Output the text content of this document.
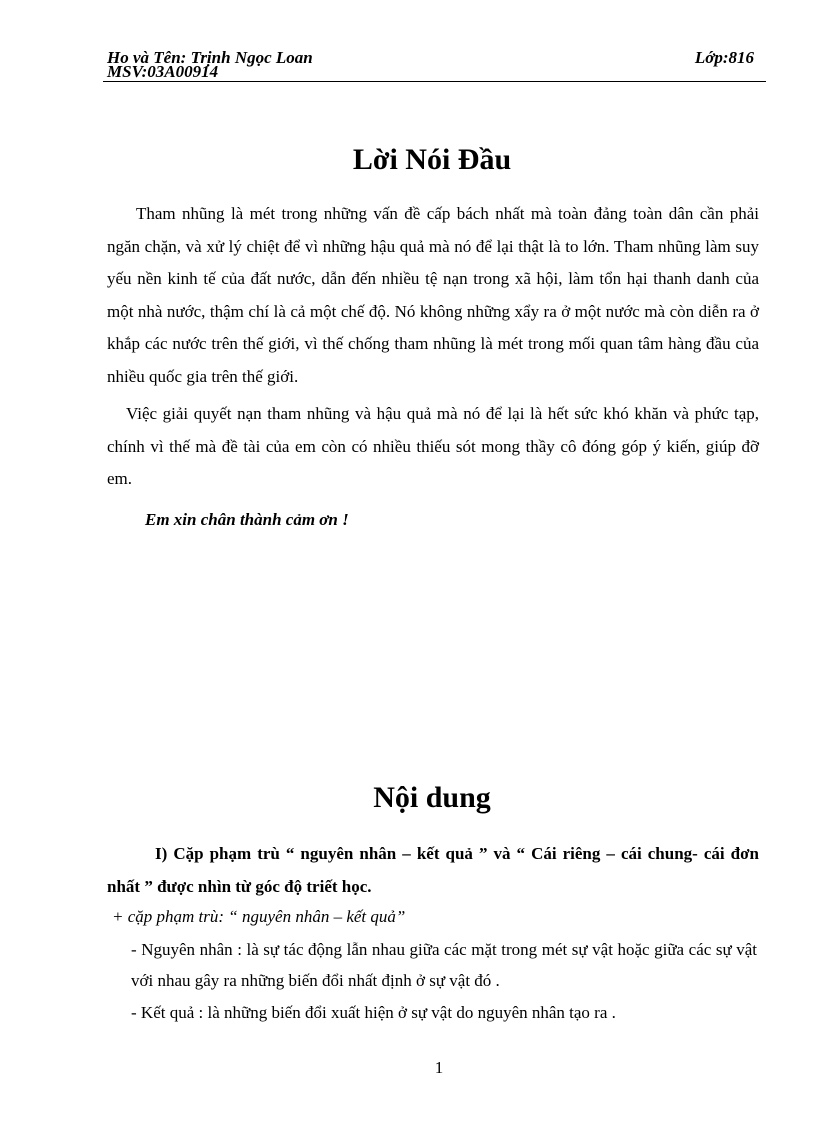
Ho và Tên: Trịnh Ngọc Loan
MSV:03A00914
Lớp:816
Lời Nói Đầu

Tham nhũng là mét trong những vấn đề cấp bách nhất mà toàn đảng toàn dân cần phải ngăn chặn, và xử lý chiệt để vì những hậu quả mà nó để lại thật là to lớn. Tham nhũng làm suy yếu nền kinh tế của đất nước, dẫn đến nhiều tệ nạn trong xã hội, làm tổn hại thanh danh của một nhà nước, thậm chí là cả một chế độ. Nó không những xẩy ra ở một nước mà còn diễn ra ở khắp các nước trên thế giới, vì thế chống tham nhũng là mét trong mối quan tâm hàng đầu của nhiều quốc gia trên thế giới.

Việc giải quyết nạn tham nhũng và hậu quả mà nó để lại là hết sức khó khăn và phức tạp, chính vì thế mà đề tài của em còn có nhiều thiếu sót mong thầy cô đóng góp ý kiến, giúp đỡ em.

Em xin chân thành cảm ơn !
Nội dung

I) Cặp phạm trù “ nguyên nhân – kết quả ” và “ Cái riêng – cái chung- cái đơn nhất ” được nhìn từ góc độ triết học.

+ cặp phạm trù: “ nguyên nhân – kết quả”

- Nguyên nhân : là sự tác động lẫn nhau giữa các mặt trong mét sự vật hoặc giữa các sự vật với nhau gây ra những biến đổi nhất định ở sự vật đó .

- Kết quả : là những biến đổi xuất hiện ở sự vật do nguyên nhân tạo ra .

1
